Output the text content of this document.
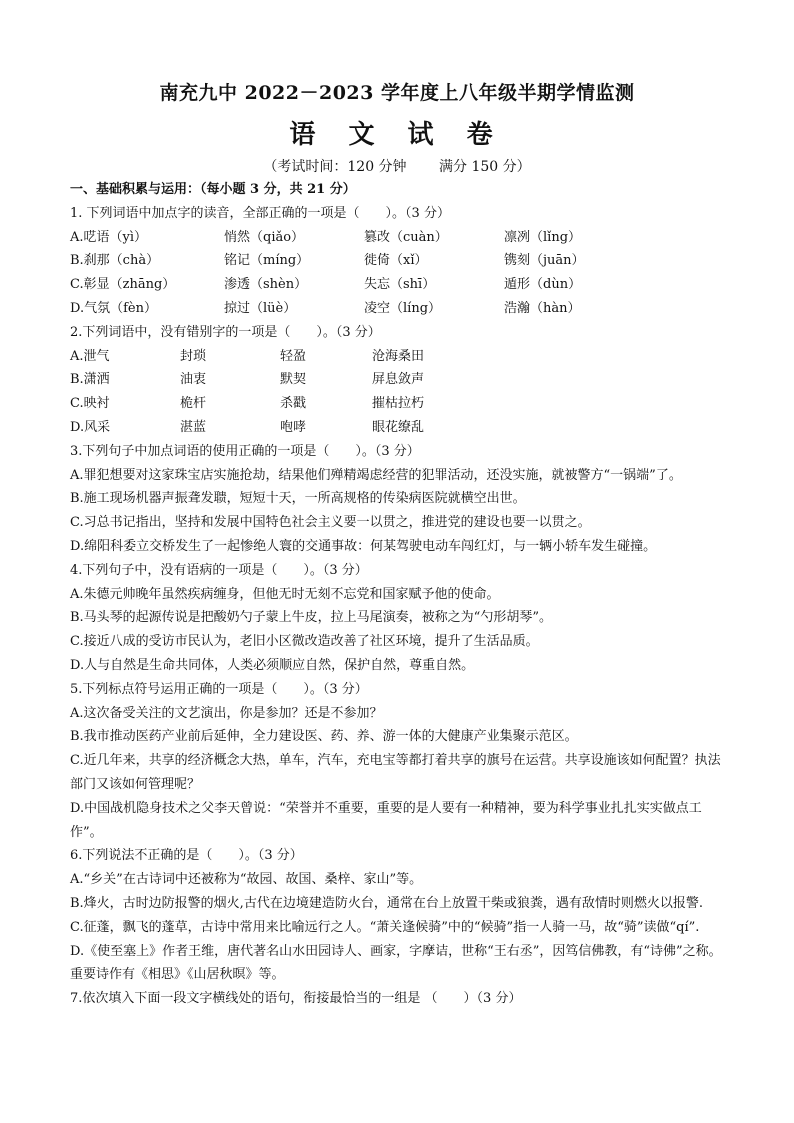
南充九中 2022－2023 学年度上八年级半期学情监测
语 文 试 卷
（考试时间：120 分钟 满分 150 分）
一、基础积累与运用：（每小题 3 分，共 21 分）
1. 下列词语中加点字的读音，全部正确的一项是（　　）。（3 分）
A.呓语（yì）	悄然（qiǎo）	篡改（cuàn）	凛冽（lǐng）
B.刹那（chà）	铭记（míng）	徙倚（xǐ）	镌刻（juān）
C.彰显（zhāng）	渗透（shèn）	失忘（shī）	遁形（dùn）
D.气氛（fèn）	掠过（lüè）	凌空（líng）	浩瀚（hàn）
2.下列词语中，没有错别字的一项是（　　）。（3 分）
A.泄气	封琐	轻盈	沧海桑田
B.潇洒	油衷	默契	屏息敛声
C.映衬	桅杆	杀戳	摧枯拉朽
D.风采	湛蓝	咆哮	眼花缭乱
3.下列句子中加点词语的使用正确的一项是（　　）。（3 分）
A.罪犯想要对这家珠宝店实施抢劫，结果他们殚精竭虑经营的犯罪活动，还没实施，就被警方“一锅端”了。
B.施工现场机器声振聋发聩，短短十天，一所高规格的传染病医院就横空出世。
C.习总书记指出，坚持和发展中国特色社会主义要一以贯之，推进党的建设也要一以贯之。
D.绵阳科委立交桥发生了一起惨绝人寰的交通事故：何某驾驶电动车闯红灯，与一辆小轿车发生碰撞。
4.下列句子中，没有语病的一项是（　　）。（3 分）
A.朱德元帅晚年虽然疾病缠身，但他无时无刻不忘党和国家赋予他的使命。
B.马头琴的起源传说是把酸奶勺子蒙上牛皮，拉上马尾演奏，被称之为“勺形胡琴”。
C.接近八成的受访市民认为，老旧小区微改造改善了社区环境，提升了生活品质。
D.人与自然是生命共同体，人类必须顺应自然，保护自然，尊重自然。
5.下列标点符号运用正确的一项是（　　）。（3 分）
A.这次备受关注的文艺演出，你是参加？还是不参加？
B.我市推动医药产业前后延伸，全力建设医、药、养、游一体的大健康产业集聚示范区。
C.近几年来，共享的经济概念大热，单车，汽车，充电宝等都打着共享的旗号在运营。共享设施该如何配置？执法部门又该如何管理呢？
D.中国战机隐身技术之父李天曾说：“荣誉并不重要，重要的是人要有一种精神，要为科学事业扎扎实实做点工作”。
6.下列说法不正确的是（　　）。（3 分）
A.“乡关”在古诗词中还被称为“故园、故国、桑梓、家山”等。
B.烽火，古时边防报警的烟火,古代在边境建造防火台，通常在台上放置干柴或狼粪，遇有敌情时则燃火以报警.
C.征蓬，飘飞的蓬草，古诗中常用来比喻远行之人。“萧关逢候骑”中的“候骑”指一人骑一马，故“骑”读做“qí”.
D.《使至塞上》作者王维，唐代著名山水田园诗人、画家，字摩诘，世称“王右丞”，因笃信佛教，有“诗佛”之称。重要诗作有《相思》《山居秋暝》等。
7.依次填入下面一段文字横线处的语句，衔接最恰当的一组是 （　　）（3 分）
